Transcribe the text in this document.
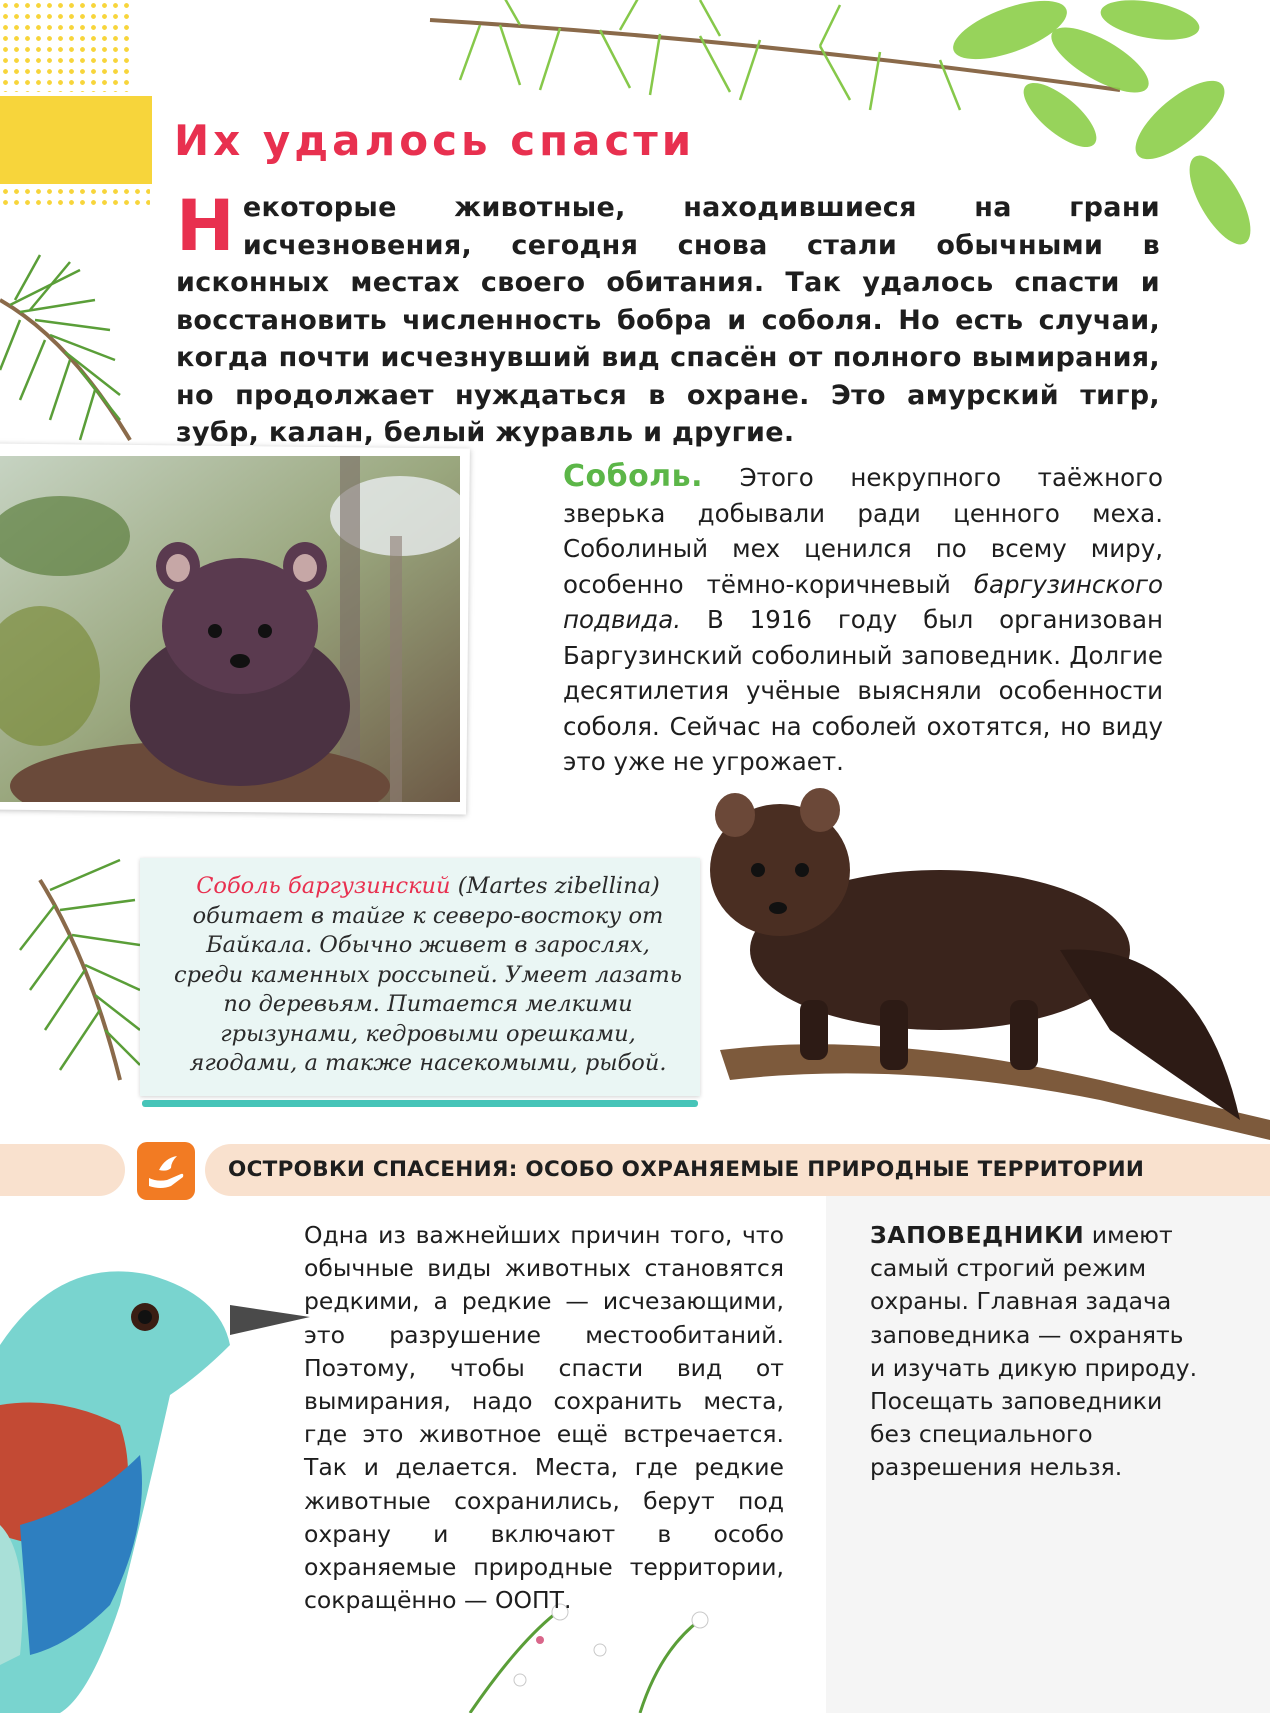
Их удалось спасти
Некоторые животные, находившиеся на грани исчезновения, сегодня снова стали обычными в исконных местах своего обитания. Так удалось спасти и восстановить численность бобра и соболя. Но есть случаи, когда почти исчезнувший вид спасён от полного вымирания, но продолжает нуждаться в охране. Это амурский тигр, зубр, калан, белый журавль и другие.
Соболь. Этого некрупного таёжного зверька добывали ради ценного меха. Соболиный мех ценился по всему миру, особенно тёмно-коричневый баргузинского подвида. В 1916 году был организован Баргузинский соболиный заповедник. Долгие десятилетия учёные выясняли особенности соболя. Сейчас на соболей охотятся, но виду это уже не угрожает.
Соболь баргузинский (Martes zibellina) обитает в тайге к северо-востоку от Байкала. Обычно живет в зарослях, среди каменных россыпей. Умеет лазать по деревьям. Питается мелкими грызунами, кедровыми орешками, ягодами, а также насекомыми, рыбой.
ОСТРОВКИ СПАСЕНИЯ: ОСОБО ОХРАНЯЕМЫЕ ПРИРОДНЫЕ ТЕРРИТОРИИ
Одна из важнейших причин того, что обычные виды животных становятся редкими, а редкие — исчезающими, это разрушение местообитаний. Поэтому, чтобы спасти вид от вымирания, надо сохранить места, где это животное ещё встречается. Так и делается. Места, где редкие животные сохранились, берут под охрану и включают в особо охраняемые природные территории, сокращённо — ООПТ.
ЗАПОВЕДНИКИ имеют самый строгий режим охраны. Главная задача заповедника — охранять и изучать дикую природу. Посещать заповедники без специального разрешения нельзя.
